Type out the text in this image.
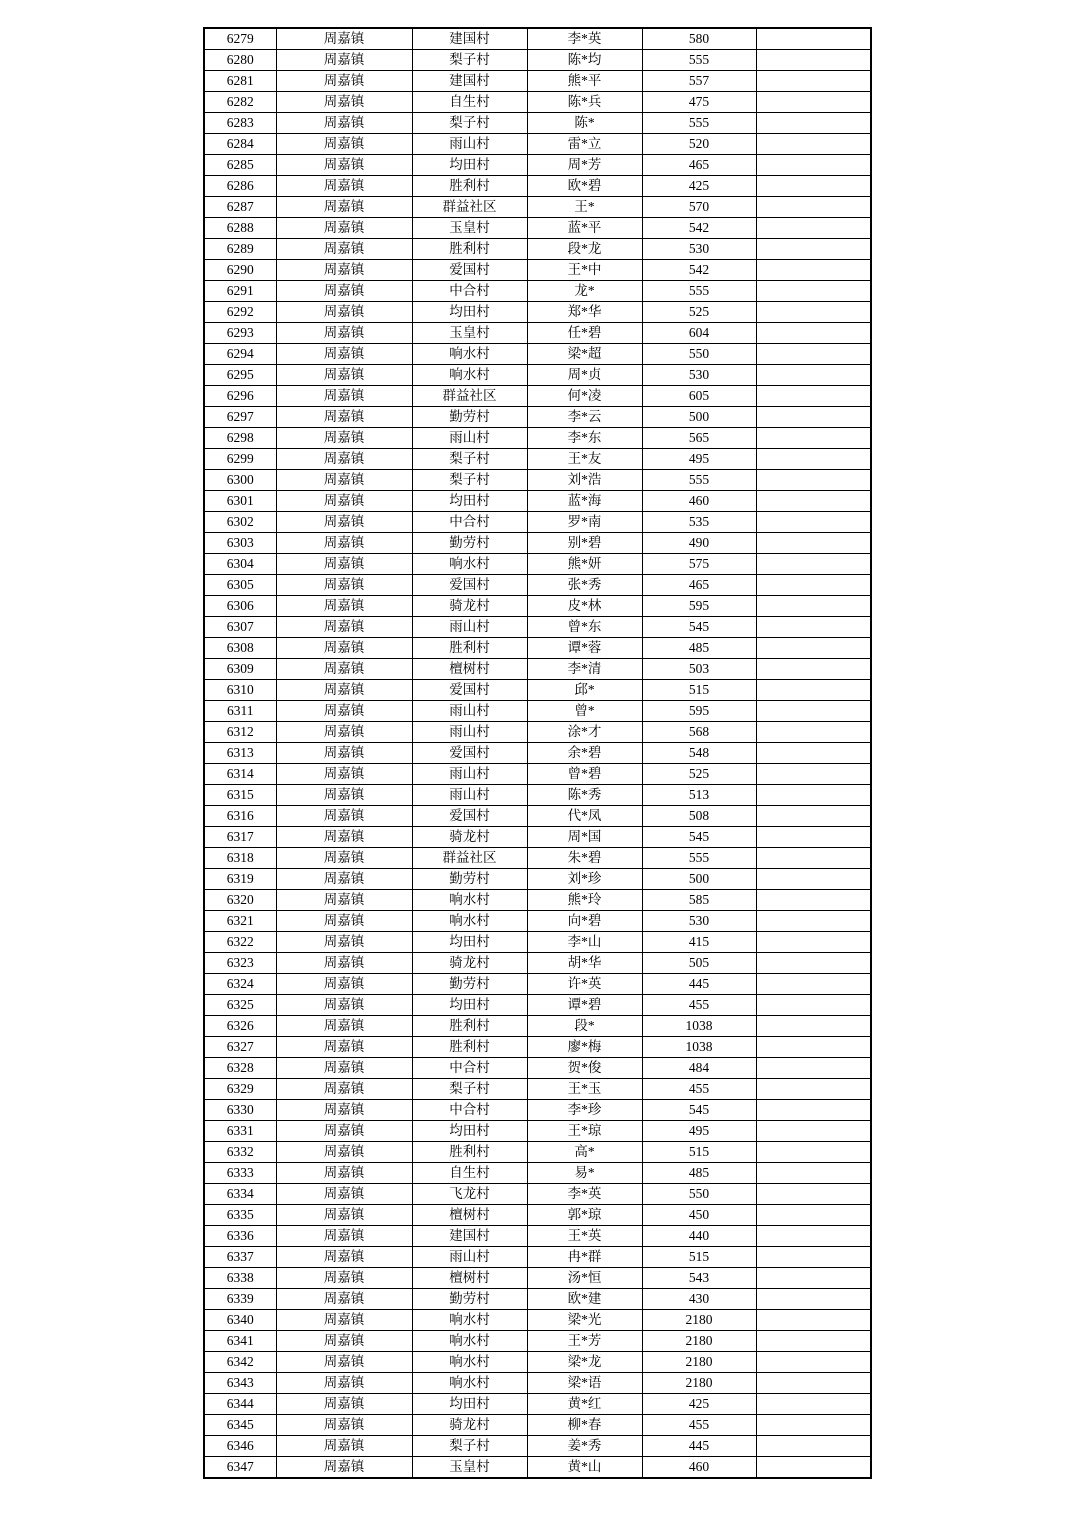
6279	周嘉镇	建国村	李*英	580	
6280	周嘉镇	梨子村	陈*均	555	
6281	周嘉镇	建国村	熊*平	557	
6282	周嘉镇	自生村	陈*兵	475	
6283	周嘉镇	梨子村	陈*	555	
6284	周嘉镇	雨山村	雷*立	520	
6285	周嘉镇	均田村	周*芳	465	
6286	周嘉镇	胜利村	欧*碧	425	
6287	周嘉镇	群益社区	王*	570	
6288	周嘉镇	玉皇村	蓝*平	542	
6289	周嘉镇	胜利村	段*龙	530	
6290	周嘉镇	爱国村	王*中	542	
6291	周嘉镇	中合村	龙*	555	
6292	周嘉镇	均田村	郑*华	525	
6293	周嘉镇	玉皇村	任*碧	604	
6294	周嘉镇	响水村	梁*超	550	
6295	周嘉镇	响水村	周*贞	530	
6296	周嘉镇	群益社区	何*凌	605	
6297	周嘉镇	勤劳村	李*云	500	
6298	周嘉镇	雨山村	李*东	565	
6299	周嘉镇	梨子村	王*友	495	
6300	周嘉镇	梨子村	刘*浩	555	
6301	周嘉镇	均田村	蓝*海	460	
6302	周嘉镇	中合村	罗*南	535	
6303	周嘉镇	勤劳村	别*碧	490	
6304	周嘉镇	响水村	熊*妍	575	
6305	周嘉镇	爱国村	张*秀	465	
6306	周嘉镇	骑龙村	皮*林	595	
6307	周嘉镇	雨山村	曾*东	545	
6308	周嘉镇	胜利村	谭*蓉	485	
6309	周嘉镇	檀树村	李*清	503	
6310	周嘉镇	爱国村	邱*	515	
6311	周嘉镇	雨山村	曾*	595	
6312	周嘉镇	雨山村	涂*才	568	
6313	周嘉镇	爱国村	余*碧	548	
6314	周嘉镇	雨山村	曾*碧	525	
6315	周嘉镇	雨山村	陈*秀	513	
6316	周嘉镇	爱国村	代*凤	508	
6317	周嘉镇	骑龙村	周*国	545	
6318	周嘉镇	群益社区	朱*碧	555	
6319	周嘉镇	勤劳村	刘*珍	500	
6320	周嘉镇	响水村	熊*玲	585	
6321	周嘉镇	响水村	向*碧	530	
6322	周嘉镇	均田村	李*山	415	
6323	周嘉镇	骑龙村	胡*华	505	
6324	周嘉镇	勤劳村	许*英	445	
6325	周嘉镇	均田村	谭*碧	455	
6326	周嘉镇	胜利村	段*	1038	
6327	周嘉镇	胜利村	廖*梅	1038	
6328	周嘉镇	中合村	贺*俊	484	
6329	周嘉镇	梨子村	王*玉	455	
6330	周嘉镇	中合村	李*珍	545	
6331	周嘉镇	均田村	王*琼	495	
6332	周嘉镇	胜利村	高*	515	
6333	周嘉镇	自生村	易*	485	
6334	周嘉镇	飞龙村	李*英	550	
6335	周嘉镇	檀树村	郭*琼	450	
6336	周嘉镇	建国村	王*英	440	
6337	周嘉镇	雨山村	冉*群	515	
6338	周嘉镇	檀树村	汤*恒	543	
6339	周嘉镇	勤劳村	欧*建	430	
6340	周嘉镇	响水村	梁*光	2180	
6341	周嘉镇	响水村	王*芳	2180	
6342	周嘉镇	响水村	梁*龙	2180	
6343	周嘉镇	响水村	梁*语	2180	
6344	周嘉镇	均田村	黄*红	425	
6345	周嘉镇	骑龙村	柳*春	455	
6346	周嘉镇	梨子村	姜*秀	445	
6347	周嘉镇	玉皇村	黄*山	460	
